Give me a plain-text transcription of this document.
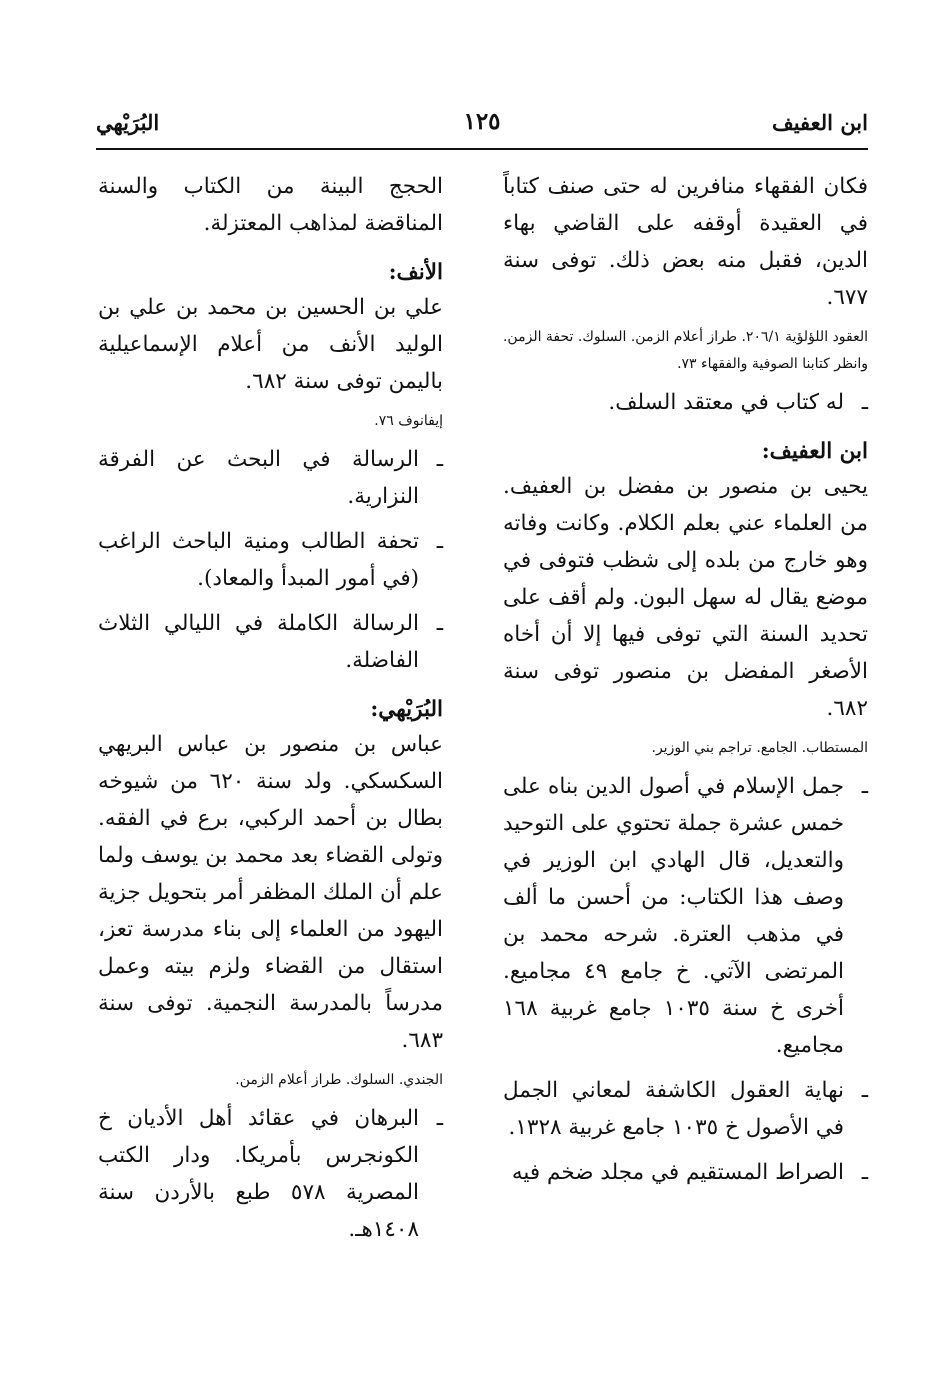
ابن العفيف
١٢٥
البُرَيْهي

فكان الفقهاء منافرين له حتى صنف كتاباً في العقيدة أوقفه على القاضي بهاء الدين، فقبل منه بعض ذلك. توفى سنة ٦٧٧.

العقود اللؤلؤية ٢٠٦/١. طراز أعلام الزمن. السلوك. تحفة الزمن. وانظر كتابنا الصوفية والفقهاء ٧٣.

ـ
له كتاب في معتقد السلف.
ابن العفيف:

يحيى بن منصور بن مفضل بن العفيف. من العلماء عني بعلم الكلام. وكانت وفاته وهو خارج من بلده إلى شظب فتوفى في موضع يقال له سهل البون. ولم أقف على تحديد السنة التي توفى فيها إلا أن أخاه الأصغر المفضل بن منصور توفى سنة ٦٨٢.

المستطاب. الجامع. تراجم بني الوزير.

ـ
جمل الإسلام في أصول الدين بناه على خمس عشرة جملة تحتوي على التوحيد والتعديل، قال الهادي ابن الوزير في وصف هذا الكتاب: من أحسن ما ألف في مذهب العترة. شرحه محمد بن المرتضى الآتي. خ جامع ٤٩ مجاميع. أخرى خ سنة ١٠٣٥ جامع غربية ١٦٨ مجاميع.
ـ
نهاية العقول الكاشفة لمعاني الجمل في الأصول خ ١٠٣٥ جامع غربية ١٣٢٨.
ـ
الصراط المستقيم في مجلد ضخم فيه

الحجج البينة من الكتاب والسنة المناقضة لمذاهب المعتزلة.

الأنف:

علي بن الحسين بن محمد بن علي بن الوليد الأنف من أعلام الإسماعيلية باليمن توفى سنة ٦٨٢.

إيفانوف ٧٦.

ـ
الرسالة في البحث عن الفرقة النزارية.
ـ
تحفة الطالب ومنية الباحث الراغب (في أمور المبدأ والمعاد).
ـ
الرسالة الكاملة في الليالي الثلاث الفاضلة.
البُرَيْهي:

عباس بن منصور بن عباس البريهي السكسكي. ولد سنة ٦٢٠ من شيوخه بطال بن أحمد الركبي، برع في الفقه. وتولى القضاء بعد محمد بن يوسف ولما علم أن الملك المظفر أمر بتحويل جزية اليهود من العلماء إلى بناء مدرسة تعز، استقال من القضاء ولزم بيته وعمل مدرساً بالمدرسة النجمية. توفى سنة ٦٨٣.

الجندي. السلوك. طراز أعلام الزمن.

ـ
البرهان في عقائد أهل الأديان خ الكونجرس بأمريكا. ودار الكتب المصرية ٥٧٨ طبع بالأردن سنة ١٤٠٨هـ.
